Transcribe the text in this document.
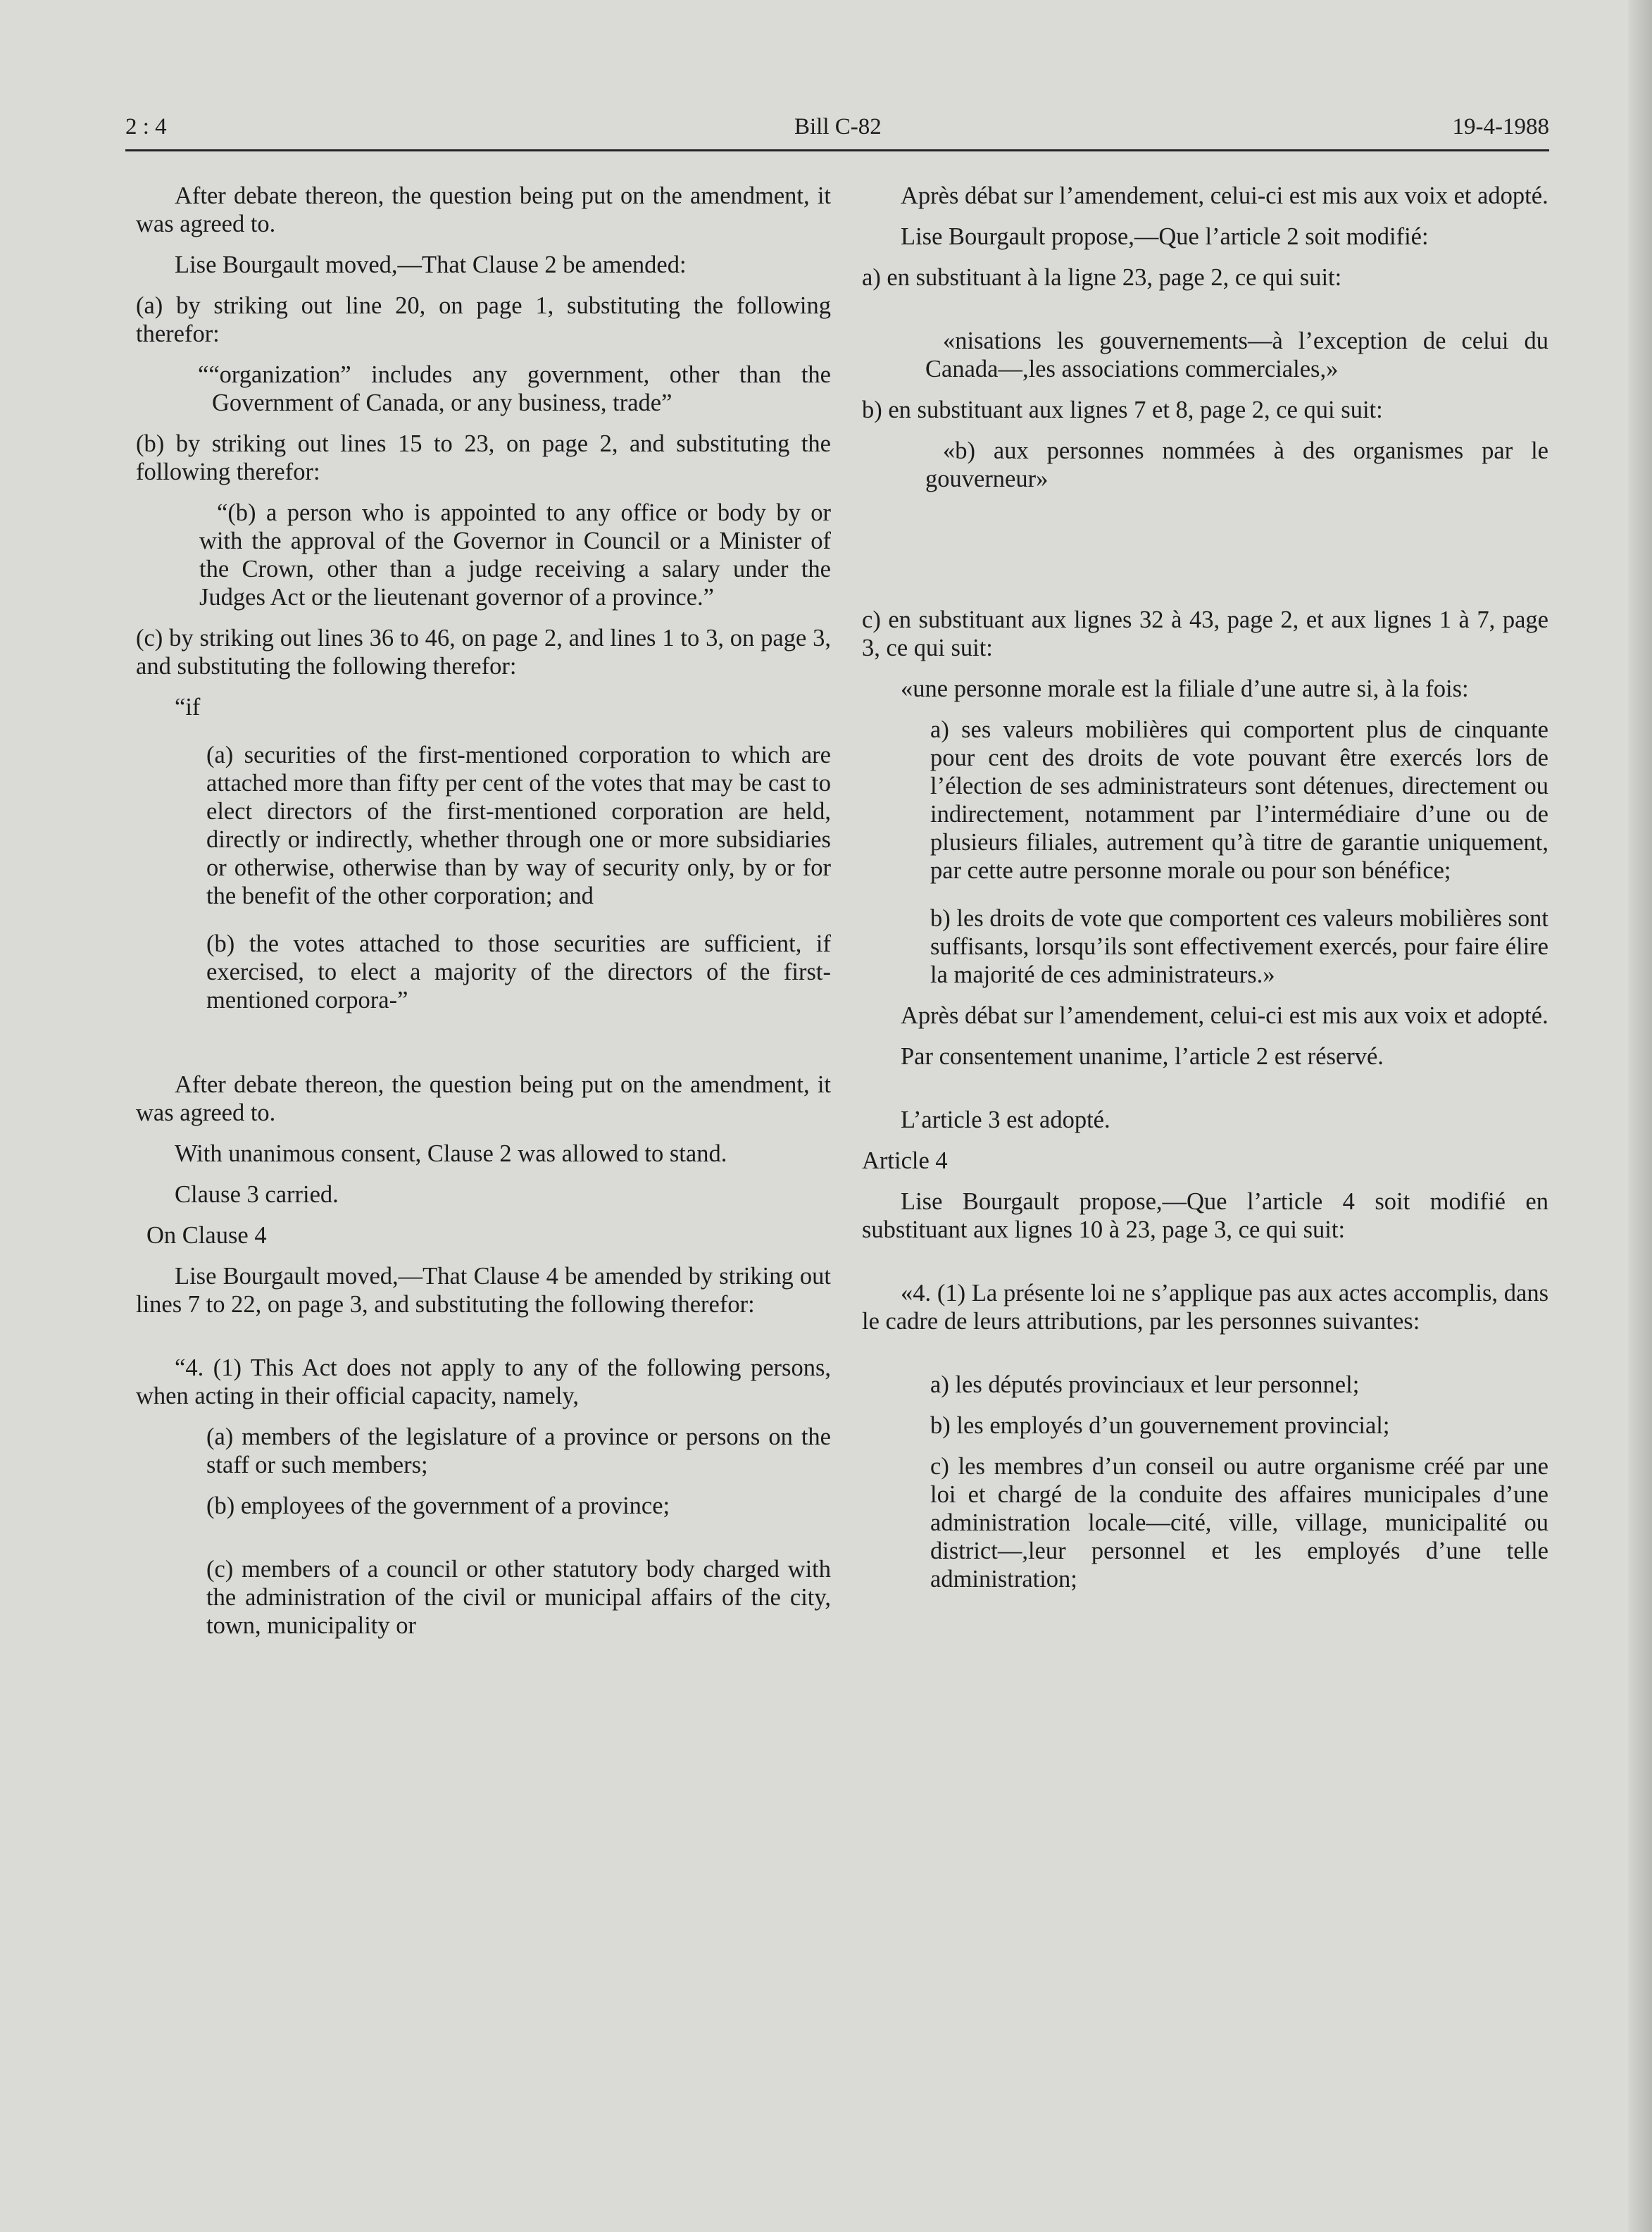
2 : 4	Bill C-82	19-4-1988

After debate thereon, the question being put on the amendment, it was agreed to.

Lise Bourgault moved,—That Clause 2 be amended:

(a) by striking out line 20, on page 1, substituting the following therefor:

““organization” includes any government, other than the Government of Canada, or any business, trade”

(b) by striking out lines 15 to 23, on page 2, and substituting the following therefor:

“(b) a person who is appointed to any office or body by or with the approval of the Governor in Council or a Minister of the Crown, other than a judge receiving a salary under the Judges Act or the lieutenant governor of a province.”

(c) by striking out lines 36 to 46, on page 2, and lines 1 to 3, on page 3, and substituting the following therefor:

“if

(a) securities of the first-mentioned corporation to which are attached more than fifty per cent of the votes that may be cast to elect directors of the first-mentioned corporation are held, directly or indirectly, whether through one or more subsidiaries or otherwise, otherwise than by way of security only, by or for the benefit of the other corporation; and

(b) the votes attached to those securities are sufficient, if exercised, to elect a majority of the directors of the first-mentioned corpora-”

After debate thereon, the question being put on the amendment, it was agreed to.

With unanimous consent, Clause 2 was allowed to stand.

Clause 3 carried.

On Clause 4

Lise Bourgault moved,—That Clause 4 be amended by striking out lines 7 to 22, on page 3, and substituting the following therefor:

“4. (1) This Act does not apply to any of the following persons, when acting in their official capacity, namely,

(a) members of the legislature of a province or persons on the staff or such members;

(b) employees of the government of a province;

(c) members of a council or other statutory body charged with the administration of the civil or municipal affairs of the city, town, municipality or

Après débat sur l’amendement, celui-ci est mis aux voix et adopté.

Lise Bourgault propose,—Que l’article 2 soit modifié:

a) en substituant à la ligne 23, page 2, ce qui suit:

«nisations les gouvernements—à l’exception de celui du Canada—,les associations commerciales,»

b) en substituant aux lignes 7 et 8, page 2, ce qui suit:

«b) aux personnes nommées à des organismes par le gouverneur»

c) en substituant aux lignes 32 à 43, page 2, et aux lignes 1 à 7, page 3, ce qui suit:

«une personne morale est la filiale d’une autre si, à la fois:

a) ses valeurs mobilières qui comportent plus de cinquante pour cent des droits de vote pouvant être exercés lors de l’élection de ses administrateurs sont détenues, directement ou indirectement, notamment par l’intermédiaire d’une ou de plusieurs filiales, autrement qu’à titre de garantie uniquement, par cette autre personne morale ou pour son bénéfice;

b) les droits de vote que comportent ces valeurs mobilières sont suffisants, lorsqu’ils sont effectivement exercés, pour faire élire la majorité de ces administrateurs.»

Après débat sur l’amendement, celui-ci est mis aux voix et adopté.

Par consentement unanime, l’article 2 est réservé.

L’article 3 est adopté.

Article 4

Lise Bourgault propose,—Que l’article 4 soit modifié en substituant aux lignes 10 à 23, page 3, ce qui suit:

«4. (1) La présente loi ne s’applique pas aux actes accomplis, dans le cadre de leurs attributions, par les personnes suivantes:

a) les députés provinciaux et leur personnel;

b) les employés d’un gouvernement provincial;

c) les membres d’un conseil ou autre organisme créé par une loi et chargé de la conduite des affaires municipales d’une administration locale—cité, ville, village, municipalité ou district—,leur personnel et les employés d’une telle administration;
